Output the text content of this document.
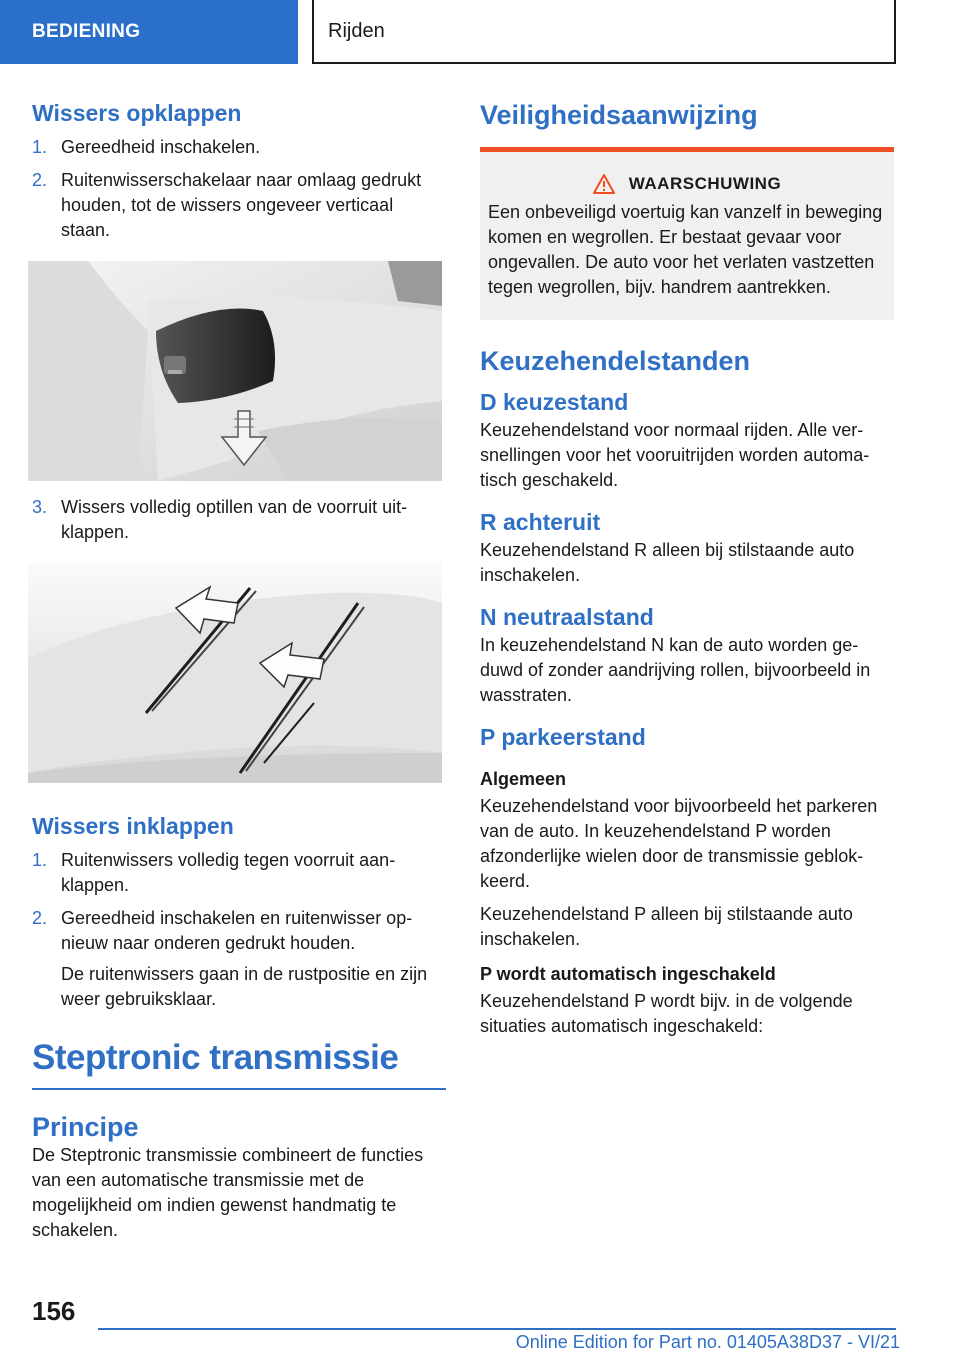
BEDIENING	Rijden
Wissers opklappen
1. Gereedheid inschakelen.
2. Ruitenwisserschakelaar naar omlaag gedrukt houden, tot de wissers ongeveer verticaal staan.
3. Wissers volledig optillen van de voorruit uitklappen.
Wissers inklappen
1. Ruitenwissers volledig tegen voorruit aanklappen.
2. Gereedheid inschakelen en ruitenwisser opnieuw naar onderen gedrukt houden.
De ruitenwissers gaan in de rustpositie en zijn weer gebruiksklaar.
Steptronic transmissie
Principe

De Steptronic transmissie combineert de functies van een automatische transmissie met de mogelijkheid om indien gewenst handmatig te schakelen.

Veiligheidsaanwijzing
WAARSCHUWING

Een onbeveiligd voertuig kan vanzelf in beweging komen en wegrollen. Er bestaat gevaar voor ongevallen. De auto voor het verlaten vastzetten tegen wegrollen, bijv. handrem aantrekken.

Keuzehendelstanden
D keuzestand

Keuzehendelstand voor normaal rijden. Alle versnellingen voor het vooruitrijden worden automatisch geschakeld.

R achteruit

Keuzehendelstand R alleen bij stilstaande auto inschakelen.

N neutraalstand

In keuzehendelstand N kan de auto worden geduwd of zonder aandrijving rollen, bijvoorbeeld in wasstraten.

P parkeerstand
Algemeen

Keuzehendelstand voor bijvoorbeeld het parkeren van de auto. In keuzehendelstand P worden afzonderlijke wielen door de transmissie geblokkeerd.

Keuzehendelstand P alleen bij stilstaande auto inschakelen.

P wordt automatisch ingeschakeld

Keuzehendelstand P wordt bijv. in de volgende situaties automatisch ingeschakeld:

156
Online Edition for Part no. 01405A38D37 - VI/21
